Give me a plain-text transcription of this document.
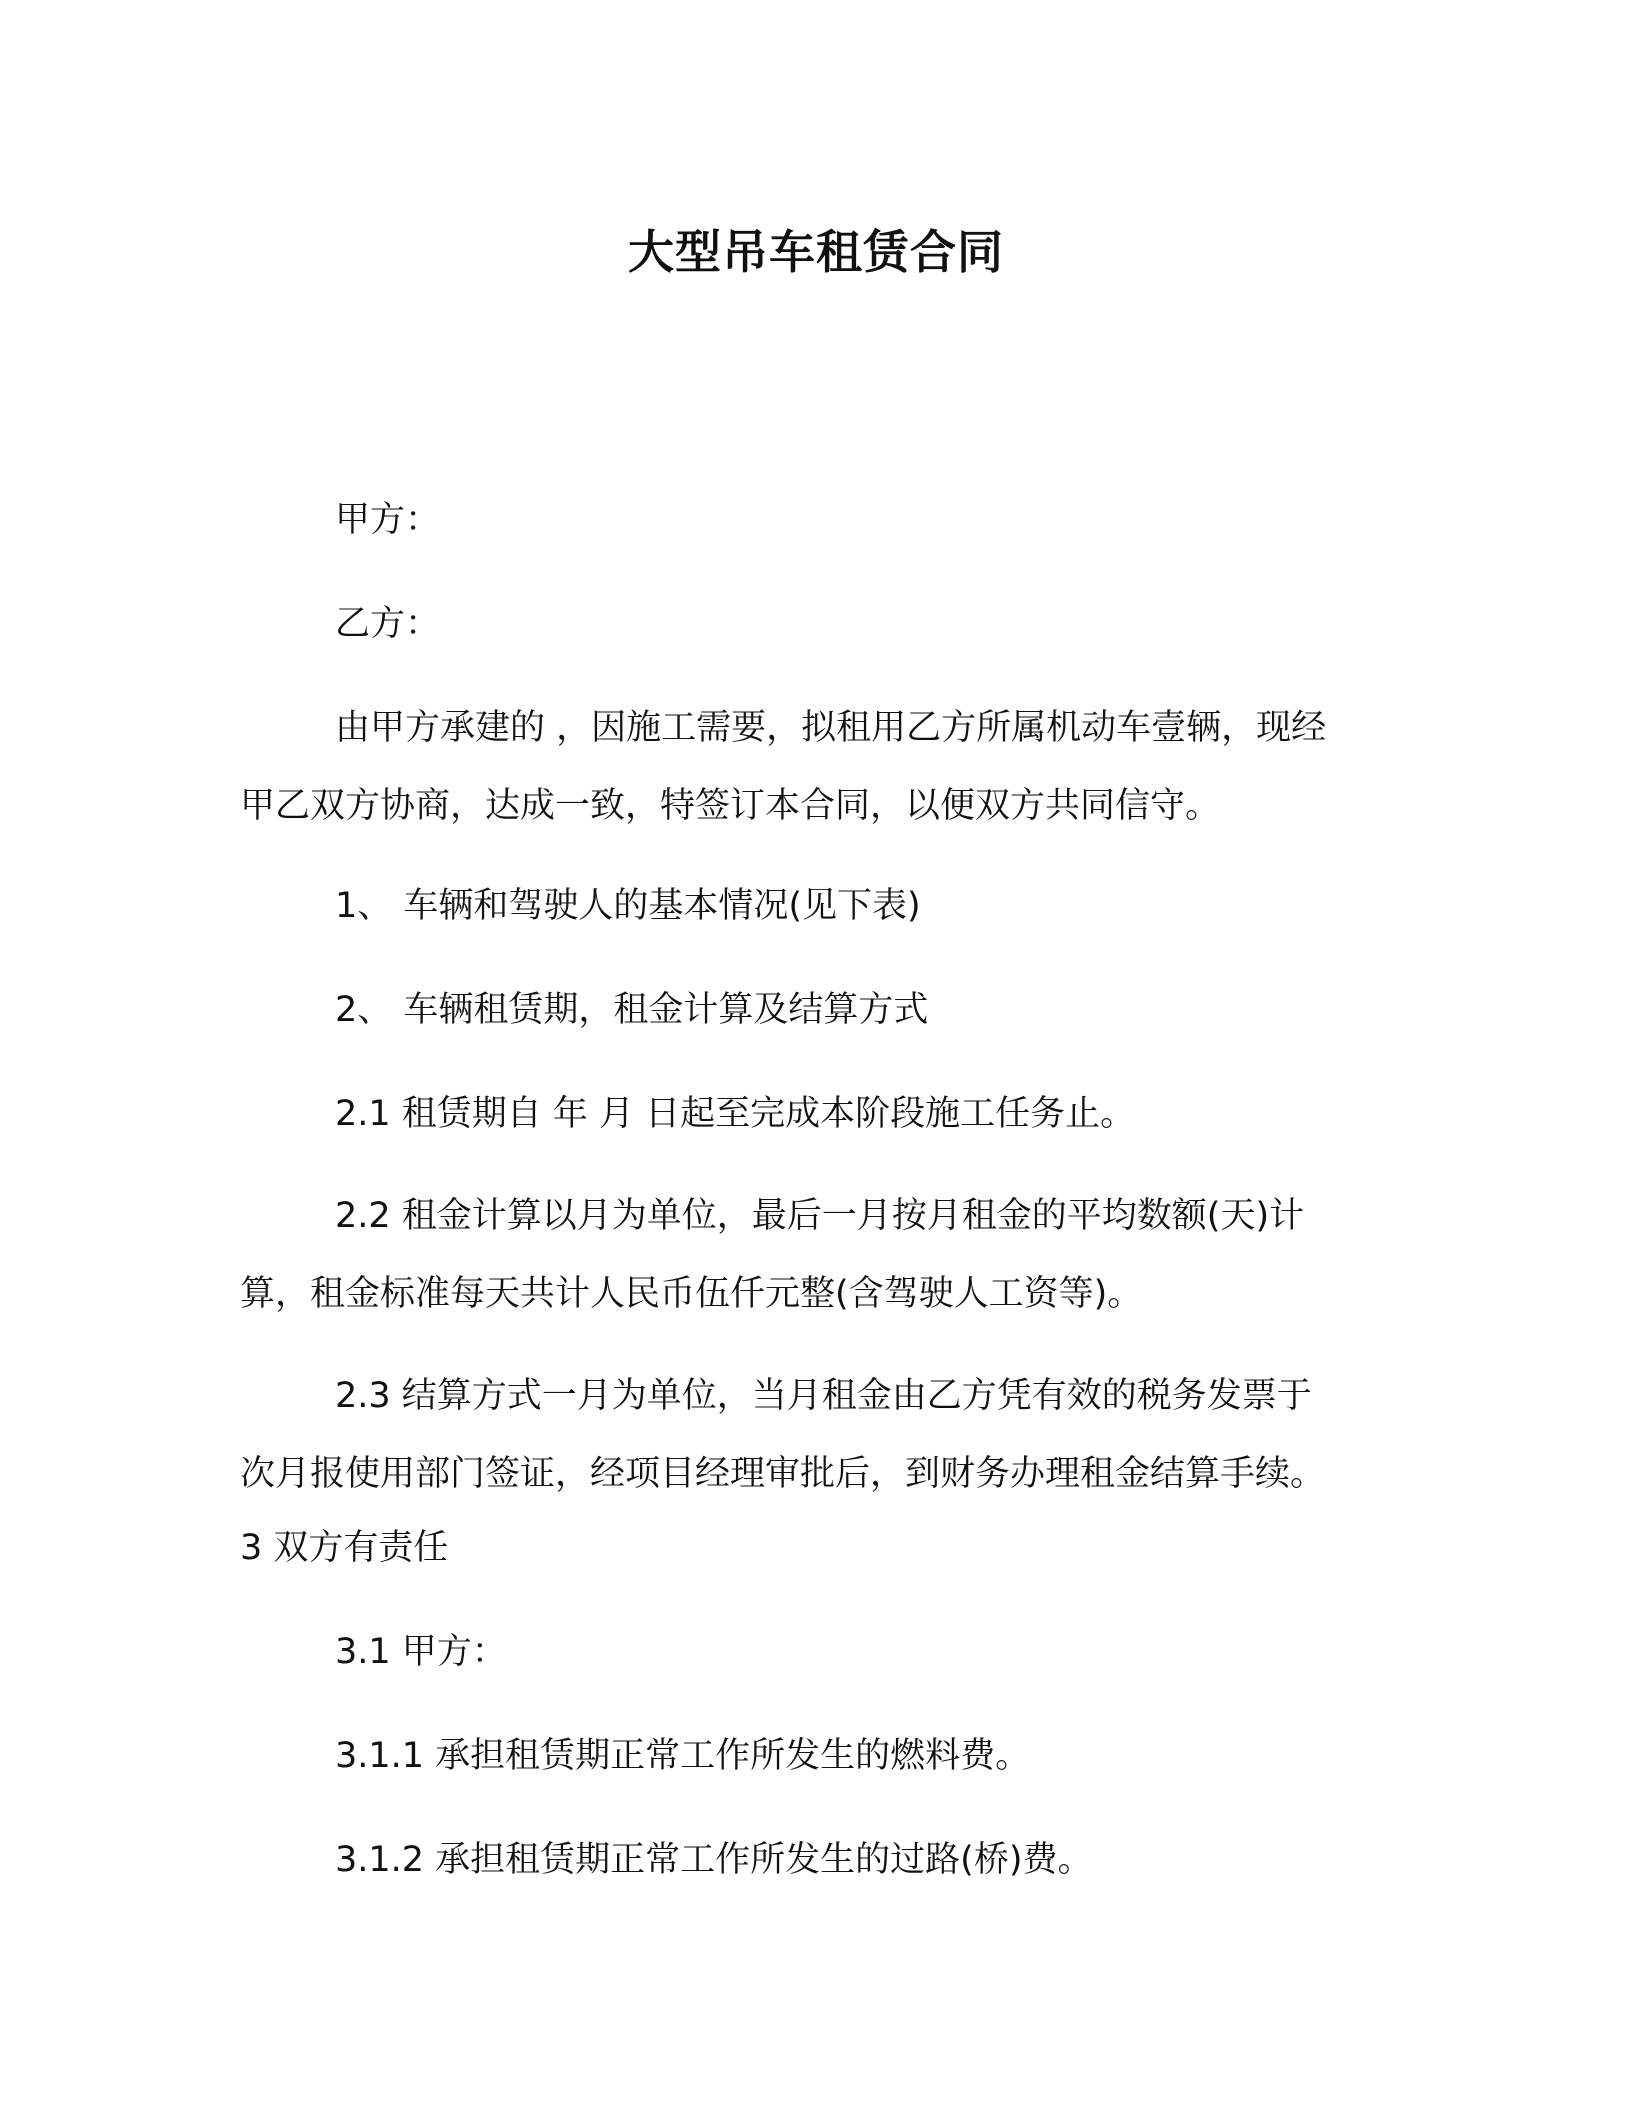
大型吊车租赁合同
甲方：
乙方：
由甲方承建的 ，因施工需要，拟租用乙方所属机动车壹辆，现经
甲乙双方协商，达成一致，特签订本合同，以便双方共同信守。
1、 车辆和驾驶人的基本情况(见下表)
2、 车辆租赁期，租金计算及结算方式
2.1 租赁期自 年 月 日起至完成本阶段施工任务止。
2.2 租金计算以月为单位，最后一月按月租金的平均数额(天)计
算，租金标准每天共计人民币伍仟元整(含驾驶人工资等)。
2.3 结算方式一月为单位，当月租金由乙方凭有效的税务发票于
次月报使用部门签证，经项目经理审批后，到财务办理租金结算手续。
3 双方有责任
3.1 甲方：
3.1.1 承担租赁期正常工作所发生的燃料费。
3.1.2 承担租赁期正常工作所发生的过路(桥)费。
